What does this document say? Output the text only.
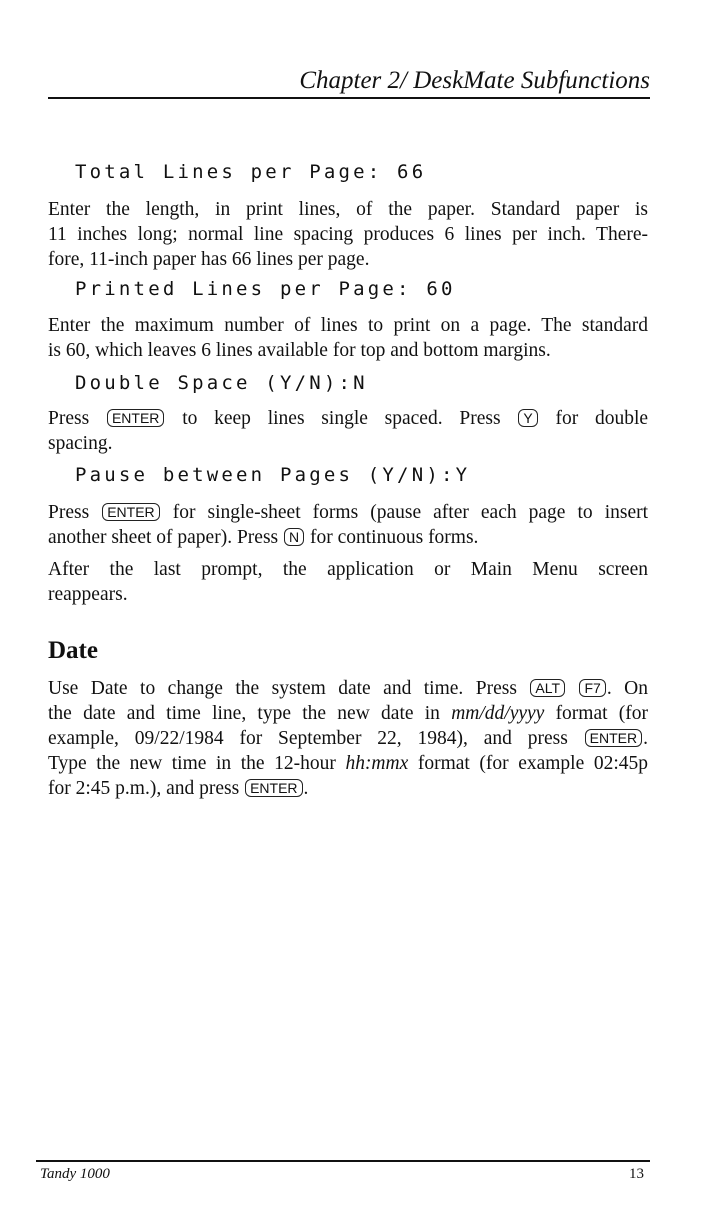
Chapter 2/ DeskMate Subfunctions
Total Lines per Page: 66
Enter the length, in print lines, of the paper. Standard paper is
11 inches long; normal line spacing produces 6 lines per inch. There-
fore, 11-inch paper has 66 lines per page.
Printed Lines per Page: 60
Enter the maximum number of lines to print on a page. The standard
is 60, which leaves 6 lines available for top and bottom margins.
Double Space (Y/N):N
Press ENTER to keep lines single spaced. Press Y for double
spacing.
Pause between Pages (Y/N):Y
Press ENTER for single-sheet forms (pause after each page to insert
another sheet of paper). Press N for continuous forms.
After the last prompt, the application or Main Menu screen
reappears.
Date
Use Date to change the system date and time. Press ALT F7 . On
the date and time line, type the new date in mm/dd/yyyy format (for
example, 09/22/1984 for September 22, 1984), and press ENTER .
Type the new time in the 12-hour hh:mmx format (for example 02:45p
for 2:45 p.m.), and press ENTER .
Tandy 1000	13
